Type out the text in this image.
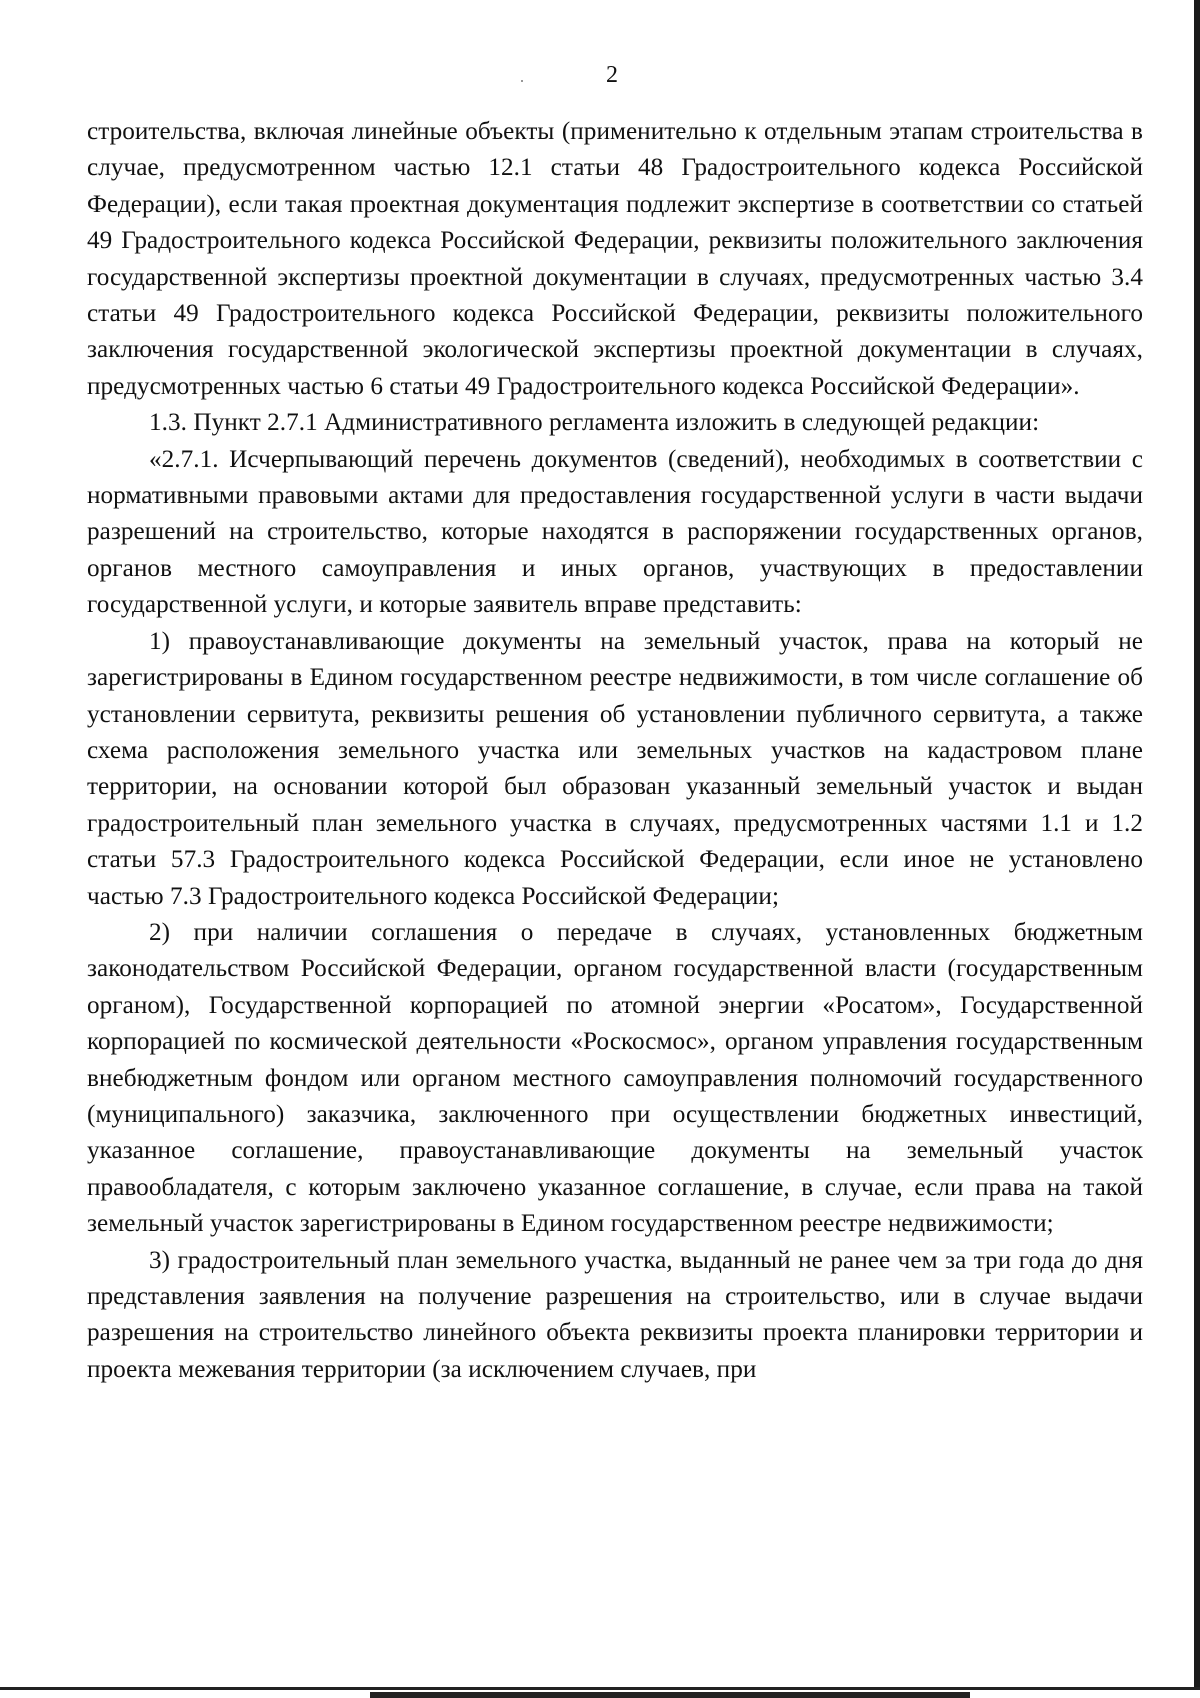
2

строительства, включая линейные объекты (применительно к отдельным этапам строительства в случае, предусмотренном частью 12.1 статьи 48 Градостроительного кодекса Российской Федерации), если такая проектная документация подлежит экспертизе в соответствии со статьей 49 Градостроительного кодекса Российской Федерации, реквизиты положительного заключения государственной экспертизы проектной документации в случаях, предусмотренных частью 3.4 статьи 49 Градостроительного кодекса Российской Федерации, реквизиты положительного заключения государственной экологической экспертизы проектной документации в случаях, предусмотренных частью 6 статьи 49 Градостроительного кодекса Российской Федерации».

1.3. Пункт 2.7.1 Административного регламента изложить в следующей редакции:

«2.7.1. Исчерпывающий перечень документов (сведений), необходимых в соответствии с нормативными правовыми актами для предоставления государственной услуги в части выдачи разрешений на строительство, которые находятся в распоряжении государственных органов, органов местного самоуправления и иных органов, участвующих в предоставлении государственной услуги, и которые заявитель вправе представить:

1) правоустанавливающие документы на земельный участок, права на который не зарегистрированы в Едином государственном реестре недвижимости, в том числе соглашение об установлении сервитута, реквизиты решения об установлении публичного сервитута, а также схема расположения земельного участка или земельных участков на кадастровом плане территории, на основании которой был образован указанный земельный участок и выдан градостроительный план земельного участка в случаях, предусмотренных частями 1.1 и 1.2 статьи 57.3 Градостроительного кодекса Российской Федерации, если иное не установлено частью 7.3 Градостроительного кодекса Российской Федерации;

2) при наличии соглашения о передаче в случаях, установленных бюджетным законодательством Российской Федерации, органом государственной власти (государственным органом), Государственной корпорацией по атомной энергии «Росатом», Государственной корпорацией по космической деятельности «Роскосмос», органом управления государственным внебюджетным фондом или органом местного самоуправления полномочий государственного (муниципального) заказчика, заключенного при осуществлении бюджетных инвестиций, указанное соглашение, правоустанавливающие документы на земельный участок правообладателя, с которым заключено указанное соглашение, в случае, если права на такой земельный участок зарегистрированы в Едином государственном реестре недвижимости;

3) градостроительный план земельного участка, выданный не ранее чем за три года до дня представления заявления на получение разрешения на строительство, или в случае выдачи разрешения на строительство линейного объекта реквизиты проекта планировки территории и проекта межевания территории (за исключением случаев, при
